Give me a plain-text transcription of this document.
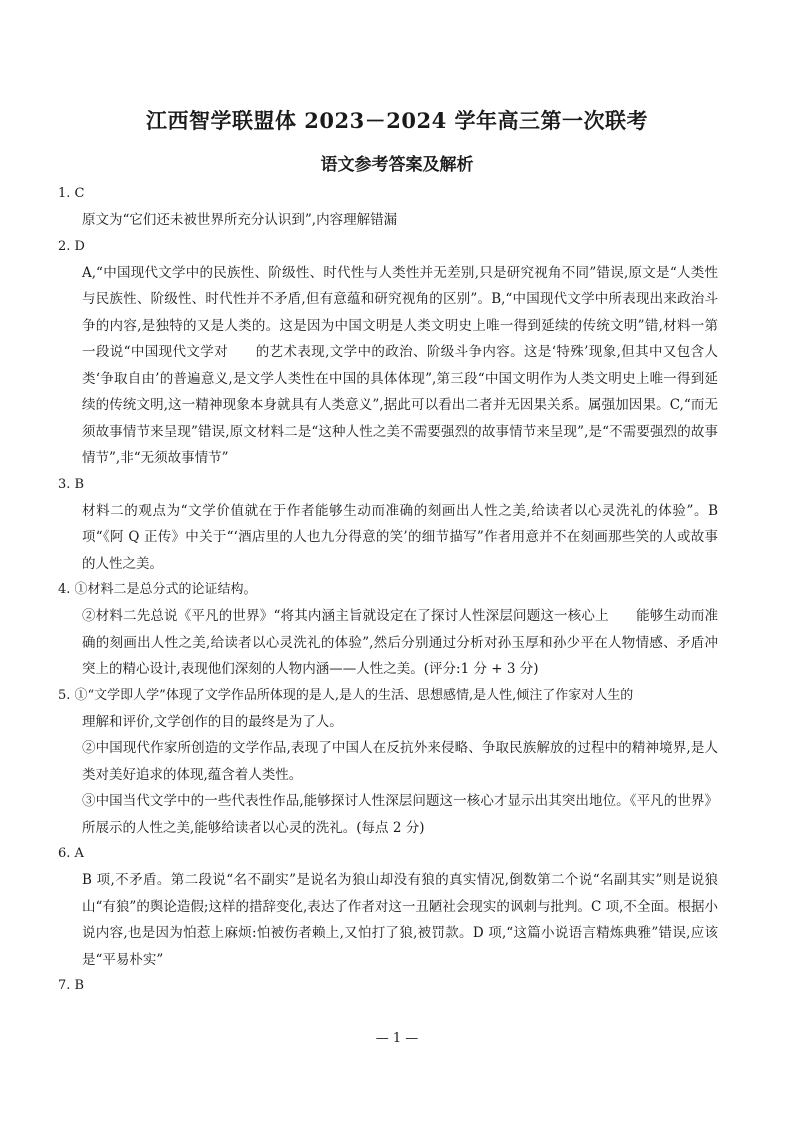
江西智学联盟体 2023－2024 学年高三第一次联考
语文参考答案及解析
1. C
原文为“它们还未被世界所充分认识到”,内容理解错漏
2. D
A,“中国现代文学中的民族性、阶级性、时代性与人类性并无差别,只是研究视角不同”错误,原文是“人类性与民族性、阶级性、时代性并不矛盾,但有意蕴和研究视角的区别”。B,“中国现代文学中所表现出来政治斗争的内容,是独特的又是人类的。这是因为中国文明是人类文明史上唯一得到延续的传统文明”错,材料一第一段说“中国现代文学对　　的艺术表现,文学中的政治、阶级斗争内容。这是‘特殊’现象,但其中又包含人类‘争取自由’的普遍意义,是文学人类性在中国的具体体现”,第三段“中国文明作为人类文明史上唯一得到延续的传统文明,这一精神现象本身就具有人类意义”,据此可以看出二者并无因果关系。属强加因果。C,“而无须故事情节来呈现”错误,原文材料二是“这种人性之美不需要强烈的故事情节来呈现”,是“不需要强烈的故事情节”,非“无须故事情节”
3. B
材料二的观点为“文学价值就在于作者能够生动而准确的刻画出人性之美,给读者以心灵洗礼的体验”。B 项“《阿 Q 正传》中关于“‘酒店里的人也九分得意的笑’的细节描写”作者用意并不在刻画那些笑的人或故事的人性之美。
4. ①材料二是总分式的论证结构。
②材料二先总说《平凡的世界》“将其内涵主旨就设定在了探讨人性深层问题这一核心上　　能够生动而准确的刻画出人性之美,给读者以心灵洗礼的体验”,然后分别通过分析对孙玉厚和孙少平在人物情感、矛盾冲突上的精心设计,表现他们深刻的人物内涵——人性之美。(评分:1 分 + 3 分)
5. ①“文学即人学”体现了文学作品所体现的是人,是人的生活、思想感情,是人性,倾注了作家对人生的
理解和评价,文学创作的目的最终是为了人。
②中国现代作家所创造的文学作品,表现了中国人在反抗外来侵略、争取民族解放的过程中的精神境界,是人类对美好追求的体现,蕴含着人类性。
③中国当代文学中的一些代表性作品,能够探讨人性深层问题这一核心才显示出其突出地位。《平凡的世界》所展示的人性之美,能够给读者以心灵的洗礼。(每点 2 分)
6. A
B 项,不矛盾。第二段说“名不副实”是说名为狼山却没有狼的真实情况,倒数第二个说“名副其实”则是说狼山“有狼”的舆论造假;这样的措辞变化,表达了作者对这一丑陋社会现实的讽刺与批判。C 项,不全面。根据小说内容,也是因为怕惹上麻烦:怕被伤者赖上,又怕打了狼,被罚款。D 项,“这篇小说语言精炼典雅”错误,应该是“平易朴实”
7. B
— 1 —
